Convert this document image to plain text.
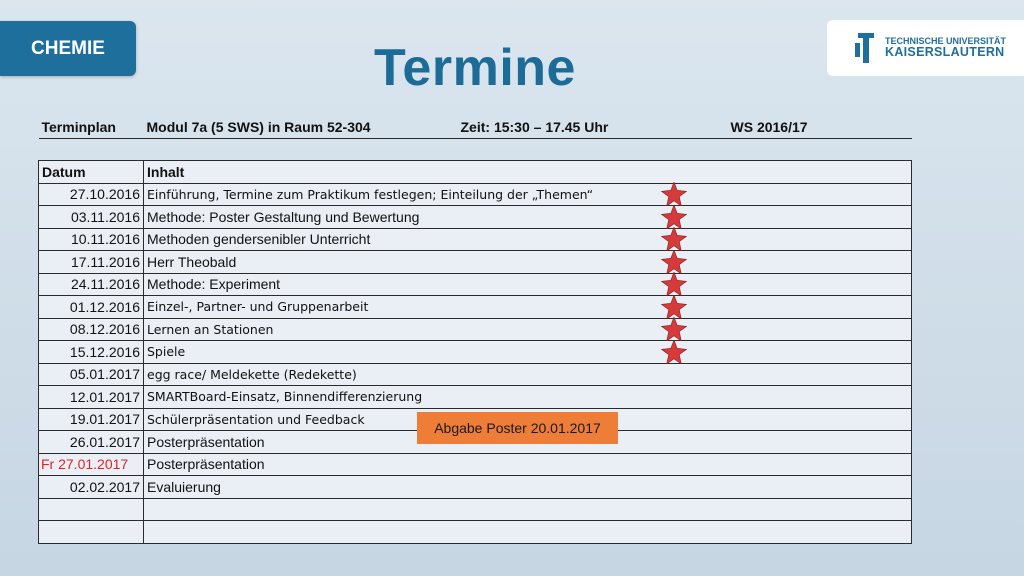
CHEMIE	Termine	TECHNISCHE UNIVERSITÄT
KAISERSLAUTERN
Terminplan	Modul 7a (5 SWS) in Raum 52-304 Zeit: 15:30 – 17.45 Uhr WS 2016/17

Datum	Inhalt
27.10.2016	Einführung, Termine zum Praktikum festlegen; Einteilung der „Themen“
03.11.2016	Methode: Poster Gestaltung und Bewertung
10.11.2016	Methoden gendersenibler Unterricht
17.11.2016	Herr Theobald
24.11.2016	Methode: Experiment
01.12.2016	Einzel-, Partner- und Gruppenarbeit
08.12.2016	Lernen an Stationen
15.12.2016	Spiele
05.01.2017	egg race/ Meldekette (Redekette)
12.01.2017	SMARTBoard-Einsatz, Binnendifferenzierung
19.01.2017	Schülerpräsentation und Feedback
26.01.2017	Posterpräsentation
Fr 27.01.2017	Posterpräsentation
02.02.2017	Evaluierung

Abgabe Poster 20.01.2017
